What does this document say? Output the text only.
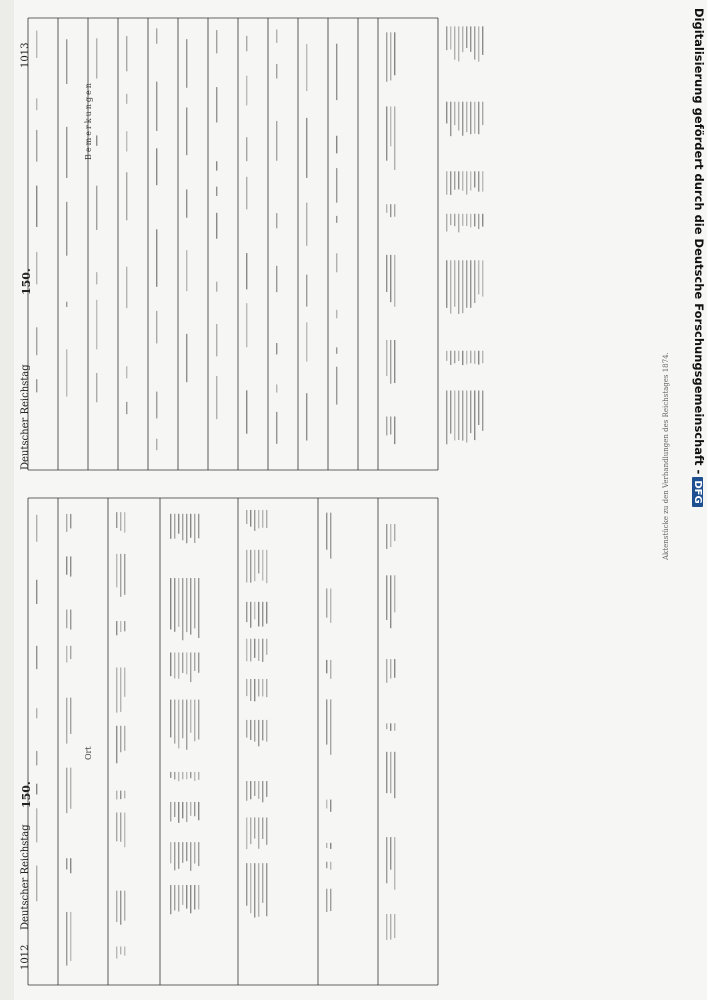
1012
Deutscher Reichstag
150.
1013
Deutscher Reichstag
150.
Aktenstücke zu den Verhandlungen des Reichstages 1874.
Ort
Bemerkungen	Digitalisierung gefördert durch die Deutsche Forschungsgemeinschaft -DFG
